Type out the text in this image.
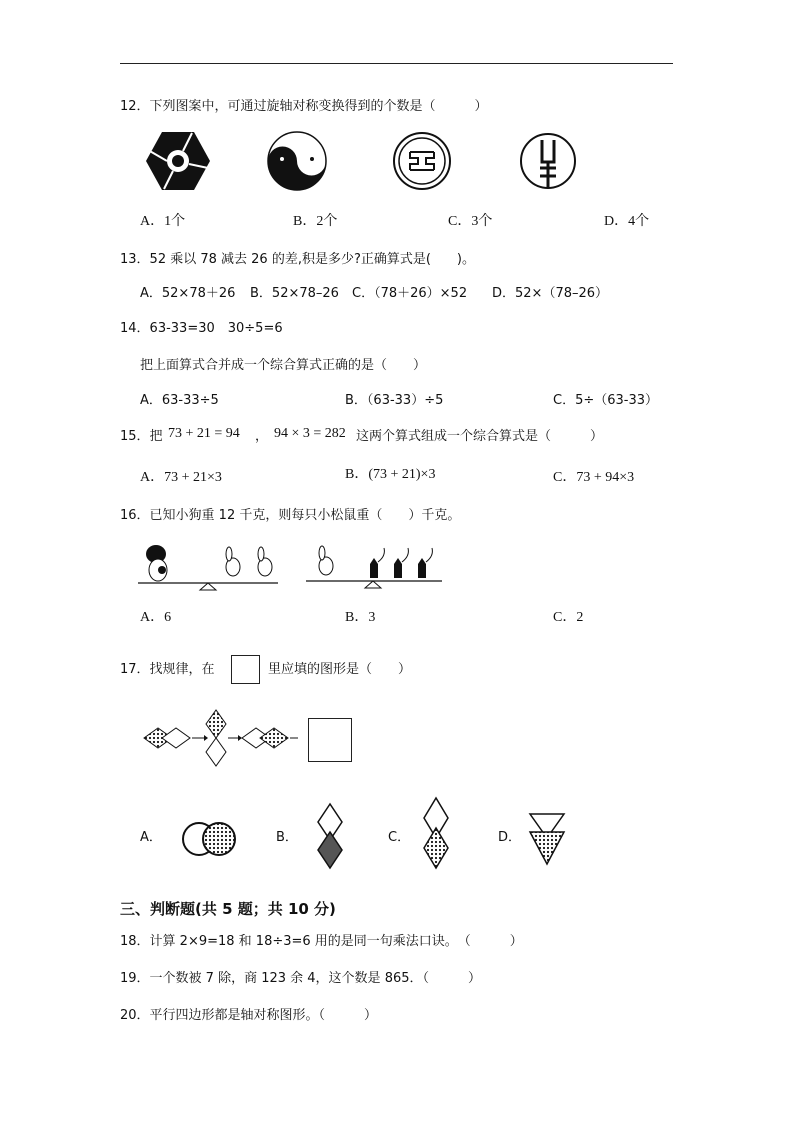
12．下列图案中，可通过旋轴对称变换得到的个数是（　　　）
A．1个	B．2个	C．3个	D．4个
13．52 乘以 78 减去 26 的差,积是多少?正确算式是(　　)。
A．52×78＋26 B．52×78–26 C．（78＋26）×52 D．52×（78–26）
14．63-33=30　30÷5=6
把上面算式合并成一个综合算式正确的是（　　）
A．63-33÷5	B．（63-33）÷5	C．5÷（63-33）
15．把 73 + 21 = 94 ， 94 × 3 = 282 这两个算式组成一个综合算式是（　　　）
A．73 + 21×3	B．(73 + 21)×3	C．73 + 94×3
16．已知小狗重 12 千克，则每只小松鼠重（　　）千克。
A．6	B．3	C．2
17．找规律，在	里应填的图形是（　　）
A．	B．	C．	D．
三、判断题(共 5 题；共 10 分)
18．计算 2×9=18 和 18÷3=6 用的是同一句乘法口诀。　（　　　）
19．一个数被 7 除，商 123 余 4，这个数是 865．（　　　）
20．平行四边形都是轴对称图形。（　　　）
